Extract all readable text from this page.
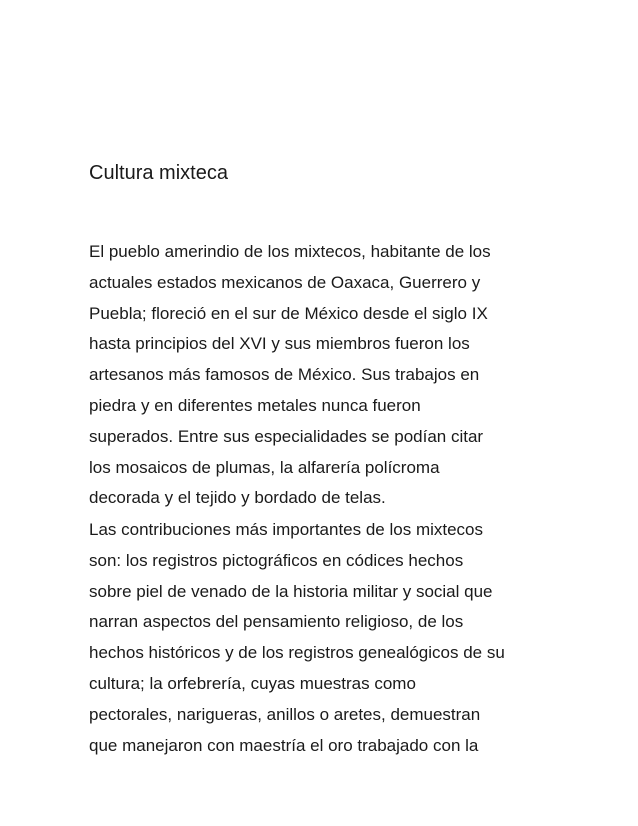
Cultura mixteca
El pueblo amerindio de los mixtecos, habitante de los
actuales estados mexicanos de Oaxaca, Guerrero y
Puebla; floreció en el sur de México desde el siglo IX
hasta principios del XVI y sus miembros fueron los
artesanos más famosos de México. Sus trabajos en
piedra y en diferentes metales nunca fueron
superados. Entre sus especialidades se podían citar
los mosaicos de plumas, la alfarería polícroma
decorada y el tejido y bordado de telas.
Las contribuciones más importantes de los mixtecos
son: los registros pictográficos en códices hechos
sobre piel de venado de la historia militar y social que
narran aspectos del pensamiento religioso, de los
hechos históricos y de los registros genealógicos de su
cultura; la orfebrería, cuyas muestras como
pectorales, narigueras, anillos o aretes, demuestran
que manejaron con maestría el oro trabajado con la
